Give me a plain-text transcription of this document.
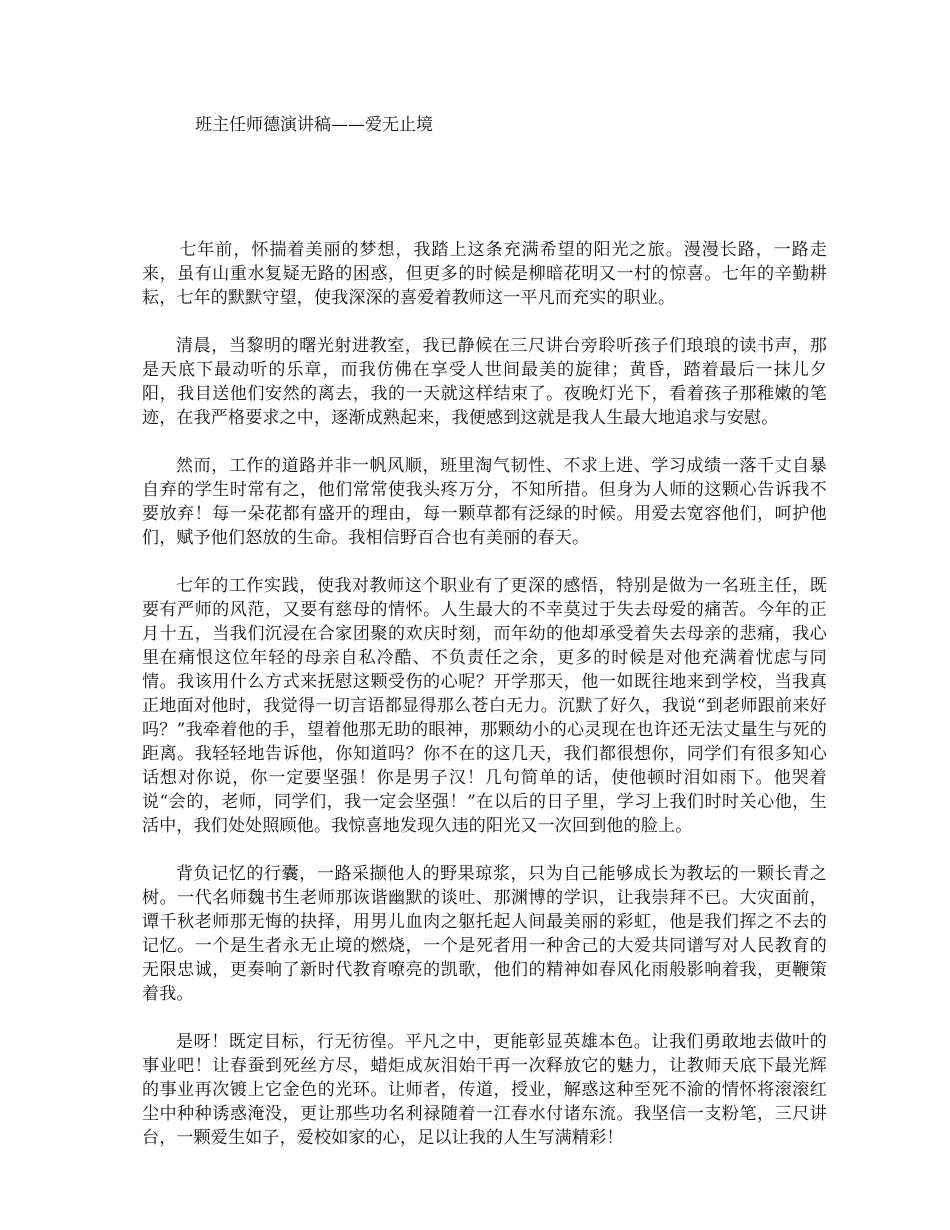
班主任师德演讲稿——爱无止境

七年前，怀揣着美丽的梦想，我踏上这条充满希望的阳光之旅。漫漫长路，一路走来，虽有山重水复疑无路的困惑，但更多的时候是柳暗花明又一村的惊喜。七年的辛勤耕耘，七年的默默守望，使我深深的喜爱着教师这一平凡而充实的职业。

清晨，当黎明的曙光射进教室，我已静候在三尺讲台旁聆听孩子们琅琅的读书声，那是天底下最动听的乐章，而我仿佛在享受人世间最美的旋律；黄昏，踏着最后一抹儿夕阳，我目送他们安然的离去，我的一天就这样结束了。夜晚灯光下，看着孩子那稚嫩的笔迹，在我严格要求之中，逐渐成熟起来，我便感到这就是我人生最大地追求与安慰。

然而，工作的道路并非一帆风顺，班里淘气韧性、不求上进、学习成绩一落千丈自暴自弃的学生时常有之，他们常常使我头疼万分，不知所措。但身为人师的这颗心告诉我不要放弃！每一朵花都有盛开的理由，每一颗草都有泛绿的时候。用爱去宽容他们，呵护他们，赋予他们怒放的生命。我相信野百合也有美丽的春天。

七年的工作实践，使我对教师这个职业有了更深的感悟，特别是做为一名班主任，既要有严师的风范，又要有慈母的情怀。人生最大的不幸莫过于失去母爱的痛苦。今年的正月十五，当我们沉浸在合家团聚的欢庆时刻，而年幼的他却承受着失去母亲的悲痛，我心里在痛恨这位年轻的母亲自私冷酷、不负责任之余，更多的时候是对他充满着忧虑与同情。我该用什么方式来抚慰这颗受伤的心呢？开学那天，他一如既往地来到学校，当我真正地面对他时，我觉得一切言语都显得那么苍白无力。沉默了好久，我说“到老师跟前来好吗？”我牵着他的手，望着他那无助的眼神，那颗幼小的心灵现在也许还无法丈量生与死的距离。我轻轻地告诉他，你知道吗？你不在的这几天，我们都很想你，同学们有很多知心话想对你说，你一定要坚强！你是男子汉！几句简单的话，使他顿时泪如雨下。他哭着说“会的，老师，同学们，我一定会坚强！”在以后的日子里，学习上我们时时关心他，生活中，我们处处照顾他。我惊喜地发现久违的阳光又一次回到他的脸上。

背负记忆的行囊，一路采撷他人的野果琼浆，只为自己能够成长为教坛的一颗长青之树。一代名师魏书生老师那诙谐幽默的谈吐、那渊博的学识，让我崇拜不已。大灾面前，谭千秋老师那无悔的抉择，用男儿血肉之躯托起人间最美丽的彩虹，他是我们挥之不去的记忆。一个是生者永无止境的燃烧，一个是死者用一种舍己的大爱共同谱写对人民教育的无限忠诚，更奏响了新时代教育嘹亮的凯歌，他们的精神如春风化雨般影响着我，更鞭策着我。

是呀！既定目标，行无彷徨。平凡之中，更能彰显英雄本色。让我们勇敢地去做叶的事业吧！让春蚕到死丝方尽，蜡炬成灰泪始干再一次释放它的魅力，让教师天底下最光辉的事业再次镀上它金色的光环。让师者，传道，授业，解惑这种至死不渝的情怀将滚滚红尘中种种诱惑淹没，更让那些功名利禄随着一江春水付诸东流。我坚信一支粉笔，三尺讲台，一颗爱生如子，爱校如家的心，足以让我的人生写满精彩！
